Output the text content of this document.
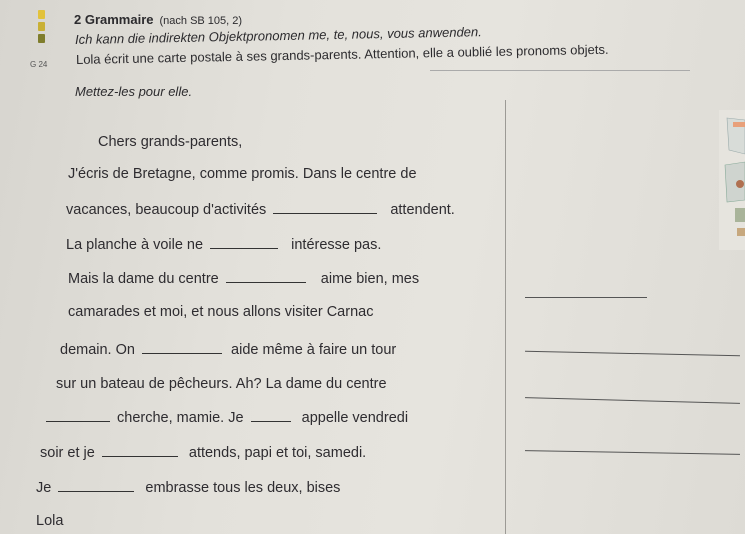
2 Grammaire (nach SB 105, 2)
G 24
Ich kann die indirekten Objektpronomen me, te, nous, vous anwenden.
Lola écrit une carte postale à ses grands-parents. Attention, elle a oublié les pronoms objets.
Mettez-les pour elle.
Chers grands-parents,
J'écris de Bretagne, comme promis. Dans le centre de
vacances, beaucoup d'activités	attendent.
La planche à voile ne	intéresse pas.
Mais la dame du centre	aime bien, mes
camarades et moi, et nous allons visiter Carnac
demain. On	aide même à faire un tour
sur un bateau de pêcheurs. Ah? La dame du centre
cherche, mamie. Je	appelle vendredi
soir et je	attends, papi et toi, samedi.
Je	embrasse tous les deux, bises
Lola
